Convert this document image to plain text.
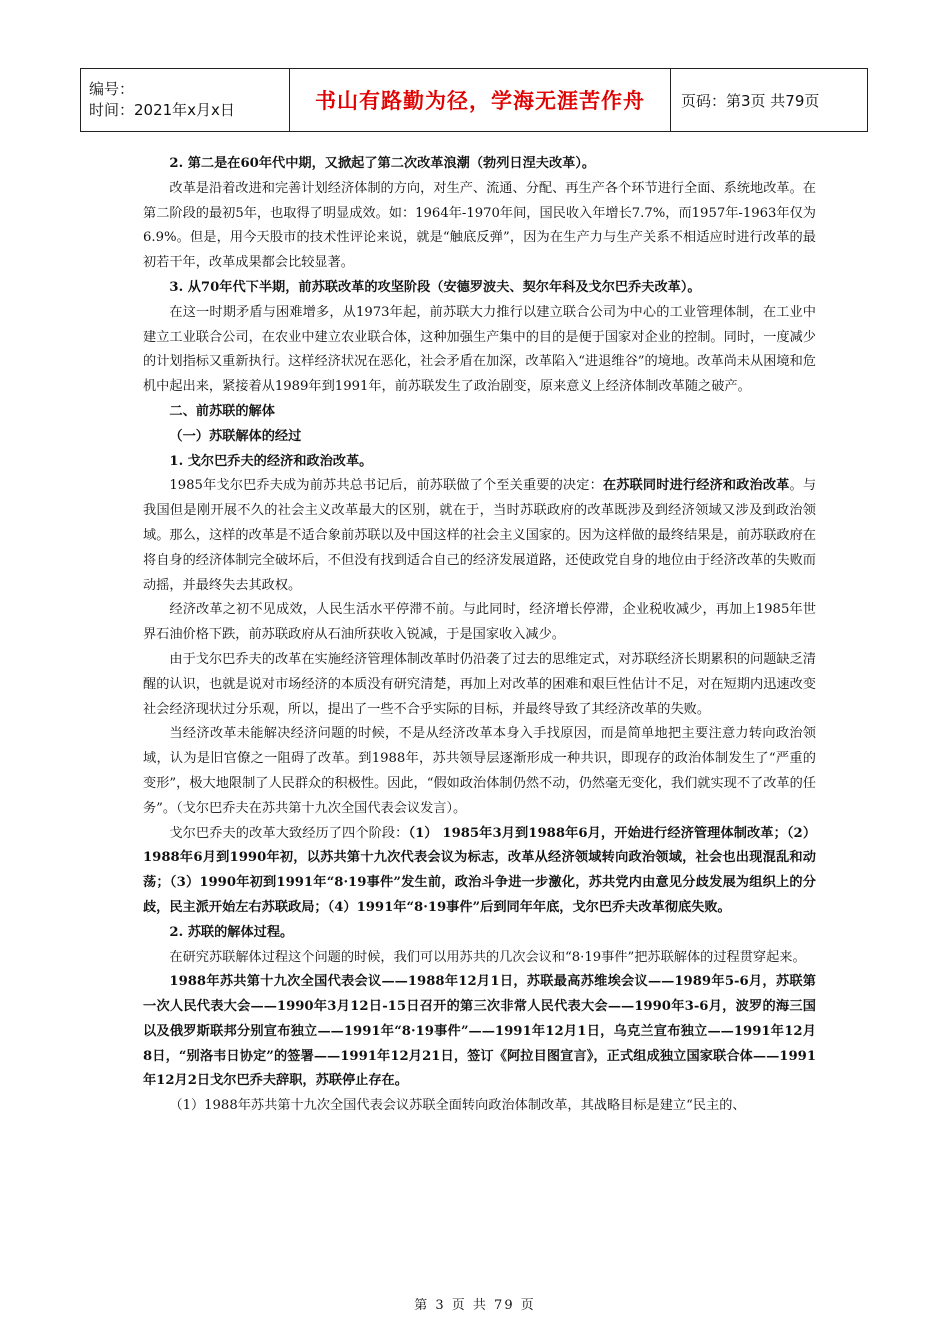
编号：
时间：2021年x月x日	书山有路勤为径，学海无涯苦作舟	页码：第3页 共79页

2. 第二是在60年代中期，又掀起了第二次改革浪潮（勃列日涅夫改革）。

改革是沿着改进和完善计划经济体制的方向，对生产、流通、分配、再生产各个环节进行全面、系统地改革。在第二阶段的最初5年，也取得了明显成效。如：1964年-1970年间，国民收入年增长7.7%，而1957年-1963年仅为6.9%。但是，用今天股市的技术性评论来说，就是“触底反弹”，因为在生产力与生产关系不相适应时进行改革的最初若干年，改革成果都会比较显著。

3. 从70年代下半期，前苏联改革的攻坚阶段（安德罗波夫、契尔年科及戈尔巴乔夫改革）。

在这一时期矛盾与困难增多，从1973年起，前苏联大力推行以建立联合公司为中心的工业管理体制，在工业中建立工业联合公司，在农业中建立农业联合体，这种加强生产集中的目的是便于国家对企业的控制。同时，一度减少的计划指标又重新执行。这样经济状况在恶化，社会矛盾在加深，改革陷入“进退维谷”的境地。改革尚未从困境和危机中起出来，紧接着从1989年到1991年，前苏联发生了政治剧变，原来意义上经济体制改革随之破产。

二、前苏联的解体

（一）苏联解体的经过

1. 戈尔巴乔夫的经济和政治改革。

1985年戈尔巴乔夫成为前苏共总书记后，前苏联做了个至关重要的决定：在苏联同时进行经济和政治改革。与我国但是刚开展不久的社会主义改革最大的区别，就在于，当时苏联政府的改革既涉及到经济领域又涉及到政治领域。那么，这样的改革是不适合象前苏联以及中国这样的社会主义国家的。因为这样做的最终结果是，前苏联政府在将自身的经济体制完全破坏后，不但没有找到适合自己的经济发展道路，还使政党自身的地位由于经济改革的失败而动摇，并最终失去其政权。

经济改革之初不见成效，人民生活水平停滞不前。与此同时，经济增长停滞，企业税收减少，再加上1985年世界石油价格下跌，前苏联政府从石油所获收入锐减，于是国家收入减少。

由于戈尔巴乔夫的改革在实施经济管理体制改革时仍沿袭了过去的思维定式，对苏联经济长期累积的问题缺乏清醒的认识，也就是说对市场经济的本质没有研究清楚，再加上对改革的困难和艰巨性估计不足，对在短期内迅速改变社会经济现状过分乐观，所以，提出了一些不合乎实际的目标，并最终导致了其经济改革的失败。

当经济改革未能解决经济问题的时候，不是从经济改革本身入手找原因，而是简单地把主要注意力转向政治领域，认为是旧官僚之一阻碍了改革。到1988年，苏共领导层逐渐形成一种共识，即现存的政治体制发生了“严重的变形”，极大地限制了人民群众的积极性。因此，“假如政治体制仍然不动，仍然毫无变化，我们就实现不了改革的任务”。（戈尔巴乔夫在苏共第十九次全国代表会议发言）。

戈尔巴乔夫的改革大致经历了四个阶段：（1） 1985年3月到1988年6月，开始进行经济管理体制改革；（2）1988年6月到1990年初，以苏共第十九次代表会议为标志，改革从经济领域转向政治领域，社会也出现混乱和动荡；（3）1990年初到1991年“8·19事件”发生前，政治斗争进一步激化，苏共党内由意见分歧发展为组织上的分歧，民主派开始左右苏联政局；（4）1991年“8·19事件”后到同年年底，戈尔巴乔夫改革彻底失败。

2. 苏联的解体过程。

在研究苏联解体过程这个问题的时候，我们可以用苏共的几次会议和“8·19事件”把苏联解体的过程贯穿起来。

1988年苏共第十九次全国代表会议——1988年12月1日，苏联最高苏维埃会议——1989年5-6月，苏联第一次人民代表大会——1990年3月12日-15日召开的第三次非常人民代表大会——1990年3-6月，波罗的海三国以及俄罗斯联邦分别宣布独立——1991年“8·19事件”——1991年12月1日，乌克兰宣布独立——1991年12月8日，“别洛韦日协定”的签署——1991年12月21日，签订《阿拉目图宣言》，正式组成独立国家联合体——1991年12月2日戈尔巴乔夫辞职，苏联停止存在。

（1）1988年苏共第十九次全国代表会议苏联全面转向政治体制改革，其战略目标是建立“民主的、

第 3 页 共 79 页
